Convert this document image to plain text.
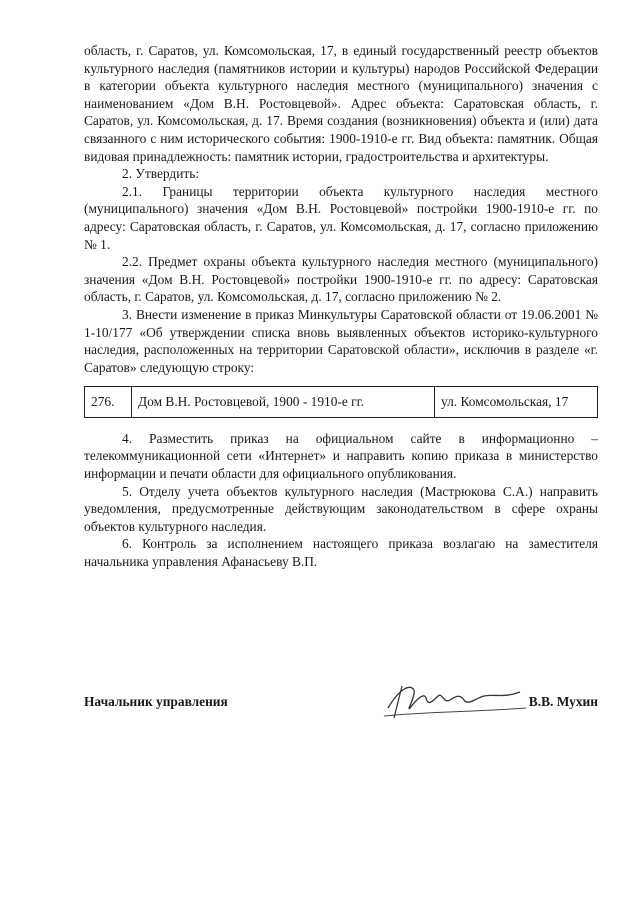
область, г. Саратов, ул. Комсомольская, 17, в единый государственный реестр объектов культурного наследия (памятников истории и культуры) народов Российской Федерации в категории объекта культурного наследия местного (муниципального) значения с наименованием «Дом В.Н. Ростовцевой». Адрес объекта: Саратовская область, г. Саратов, ул. Комсомольская, д. 17. Время создания (возникновения) объекта и (или) дата связанного с ним исторического события: 1900-1910-е гг. Вид объекта: памятник. Общая видовая принадлежность: памятник истории, градостроительства и архитектуры.

2. Утвердить:

2.1. Границы территории объекта культурного наследия местного (муниципального) значения «Дом В.Н. Ростовцевой» постройки 1900-1910-е гг. по адресу: Саратовская область, г. Саратов, ул. Комсомольская, д. 17, согласно приложению № 1.

2.2. Предмет охраны объекта культурного наследия местного (муниципального) значения «Дом В.Н. Ростовцевой» постройки 1900-1910-е гг. по адресу: Саратовская область, г. Саратов, ул. Комсомольская, д. 17, согласно приложению № 2.

3. Внести изменение в приказ Минкультуры Саратовской области от 19.06.2001 № 1-10/177 «Об утверждении списка вновь выявленных объектов историко-культурного наследия, расположенных на территории Саратовской области», исключив в разделе «г. Саратов» следующую строку:

276.	Дом В.Н. Ростовцевой, 1900 - 1910-е гг.	ул. Комсомольская, 17

4. Разместить приказ на официальном сайте в информационно – телекоммуникационной сети «Интернет» и направить копию приказа в министерство информации и печати области для официального опубликования.

5. Отделу учета объектов культурного наследия (Мастрюкова С.А.) направить уведомления, предусмотренные действующим законодательством в сфере охраны объектов культурного наследия.

6. Контроль за исполнением настоящего приказа возлагаю на заместителя начальника управления Афанасьеву В.П.

Начальник управления	В.В. Мухин
